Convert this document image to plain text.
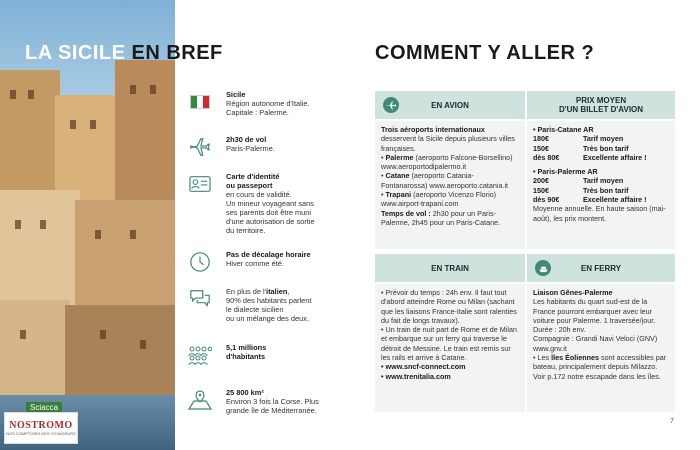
LA SICILE EN BREF
Sciacca
NOSTROMO
NOS COMPTOIRS DES VOYAGEURS
Sicile
Région autonome d'Italie.
Capitale : Palerme.
2h30 de vol
Paris-Palerme.
Carte d'identité
ou passeport
en cours de validité.
Un mineur voyageant sans
ses parents doit être muni
d'une autorisation de sortie
du territoire.
Pas de décalage horaire
Hiver comme été.
En plus de l'italien,
90% des habitants parlent
le dialecte sicilien
ou un mélange des deux.
5,1 millions
d'habitants
25 800 km²
Environ 3 fois la Corse. Plus
grande île de Méditerranée.
COMMENT Y ALLER ?
EN AVION

Trois aéroports internationaux

desservent la Sicile depuis plusieurs villes françaises.

• Palerme (aeroporto Falcone-Borsellino) www.aeroportodipalermo.it

• Catane (aeroporto Catania-Fontanarossa) www.aeroporto.catania.it

• Trapani (aeroporto Vicenzo Florio) www.airport-trapani.com

Temps de vol : 2h30 pour un Paris-Palerme, 2h45 pour un Paris-Catane.

PRIX MOYEN
D'UN BILLET D'AVION

• Paris-Catane AR

180€	Tarif moyen
150€	Très bon tarif
dès 80€	Excellente affaire !

• Paris-Palerme AR

200€	Tarif moyen
150€	Très bon tarif
dès 90€	Excellente affaire !

Moyenne annuelle. En haute saison (mai-août), les prix montent.

EN TRAIN

• Prévoir du temps : 24h env. Il faut tout d'abord atteindre Rome ou Milan (sachant que les liaisons France-Italie sont ralenties du fait de longs travaux).

• Un train de nuit part de Rome et de Milan et embarque sur un ferry qui traverse le détroit de Messine. Le train est remis sur les rails et arrive à Catane.

• www.sncf-connect.com

• www.trenitalia.com

EN FERRY

Liaison Gênes-Palerme

Les habitants du quart sud-est de la France pourront embarquer avec leur voiture pour Palerme. 1 traversée/jour. Durée : 20h env.

Compagnie : Grandi Navi Veloci (GNV) www.gnv.it

• Les îles Éoliennes sont accessibles par bateau, principalement depuis Milazzo. Voir p.172 notre escapade dans les îles.

7
